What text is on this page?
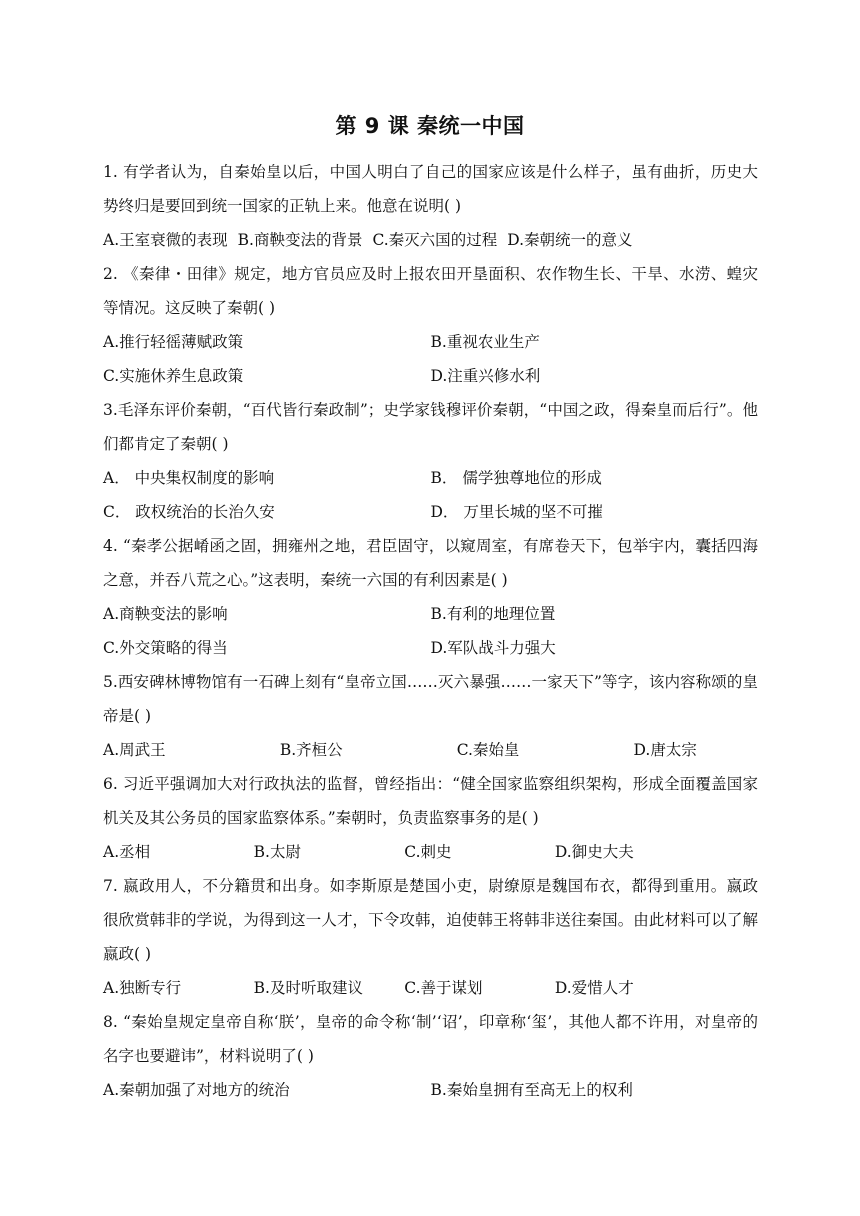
第 9 课 秦统一中国

1. 有学者认为，自秦始皇以后，中国人明白了自己的国家应该是什么样子，虽有曲折，历史大势终归是要回到统一国家的正轨上来。他意在说明( )

A.王室衰微的表现 B.商鞅变法的背景 C.秦灭六国的过程 D.秦朝统一的意义

2. 《秦律・田律》规定，地方官员应及时上报农田开垦面积、农作物生长、干旱、水涝、蝗灾等情况。这反映了秦朝( )

A.推行轻徭薄赋政策	B.重视农业生产
C.实施休养生息政策	D.注重兴修水利

3.毛泽东评价秦朝，“百代皆行秦政制”；史学家钱穆评价秦朝，“中国之政，得秦皇而后行”。他们都肯定了秦朝( )

A． 中央集权制度的影响	B． 儒学独尊地位的形成
C． 政权统治的长治久安	D． 万里长城的坚不可摧

4. “秦孝公据崤函之固，拥雍州之地，君臣固守，以窥周室，有席卷天下，包举宇内，囊括四海之意，并吞八荒之心。”这表明，秦统一六国的有利因素是( )

A.商鞅变法的影响	B.有利的地理位置
C.外交策略的得当	D.军队战斗力强大

5.西安碑林博物馆有一石碑上刻有“皇帝立国……灭六暴强……一家天下”等字，该内容称颂的皇帝是( )

A.周武王	B.齐桓公	C.秦始皇	D.唐太宗

6. 习近平强调加大对行政执法的监督，曾经指出：“健全国家监察组织架构，形成全面覆盖国家机关及其公务员的国家监察体系。”秦朝时，负责监察事务的是( )

A.丞相	B.太尉	C.刺史	D.御史大夫

7. 嬴政用人，不分籍贯和出身。如李斯原是楚国小吏，尉缭原是魏国布衣，都得到重用。嬴政很欣赏韩非的学说，为得到这一人才，下令攻韩，迫使韩王将韩非送往秦国。由此材料可以了解嬴政( )

A.独断专行	B.及时听取建议	C.善于谋划	D.爱惜人才

8. “秦始皇规定皇帝自称‘朕’，皇帝的命令称‘制’‘诏’，印章称‘玺’，其他人都不许用，对皇帝的名字也要避讳”，材料说明了( )

A.秦朝加强了对地方的统治	B.秦始皇拥有至高无上的权利
